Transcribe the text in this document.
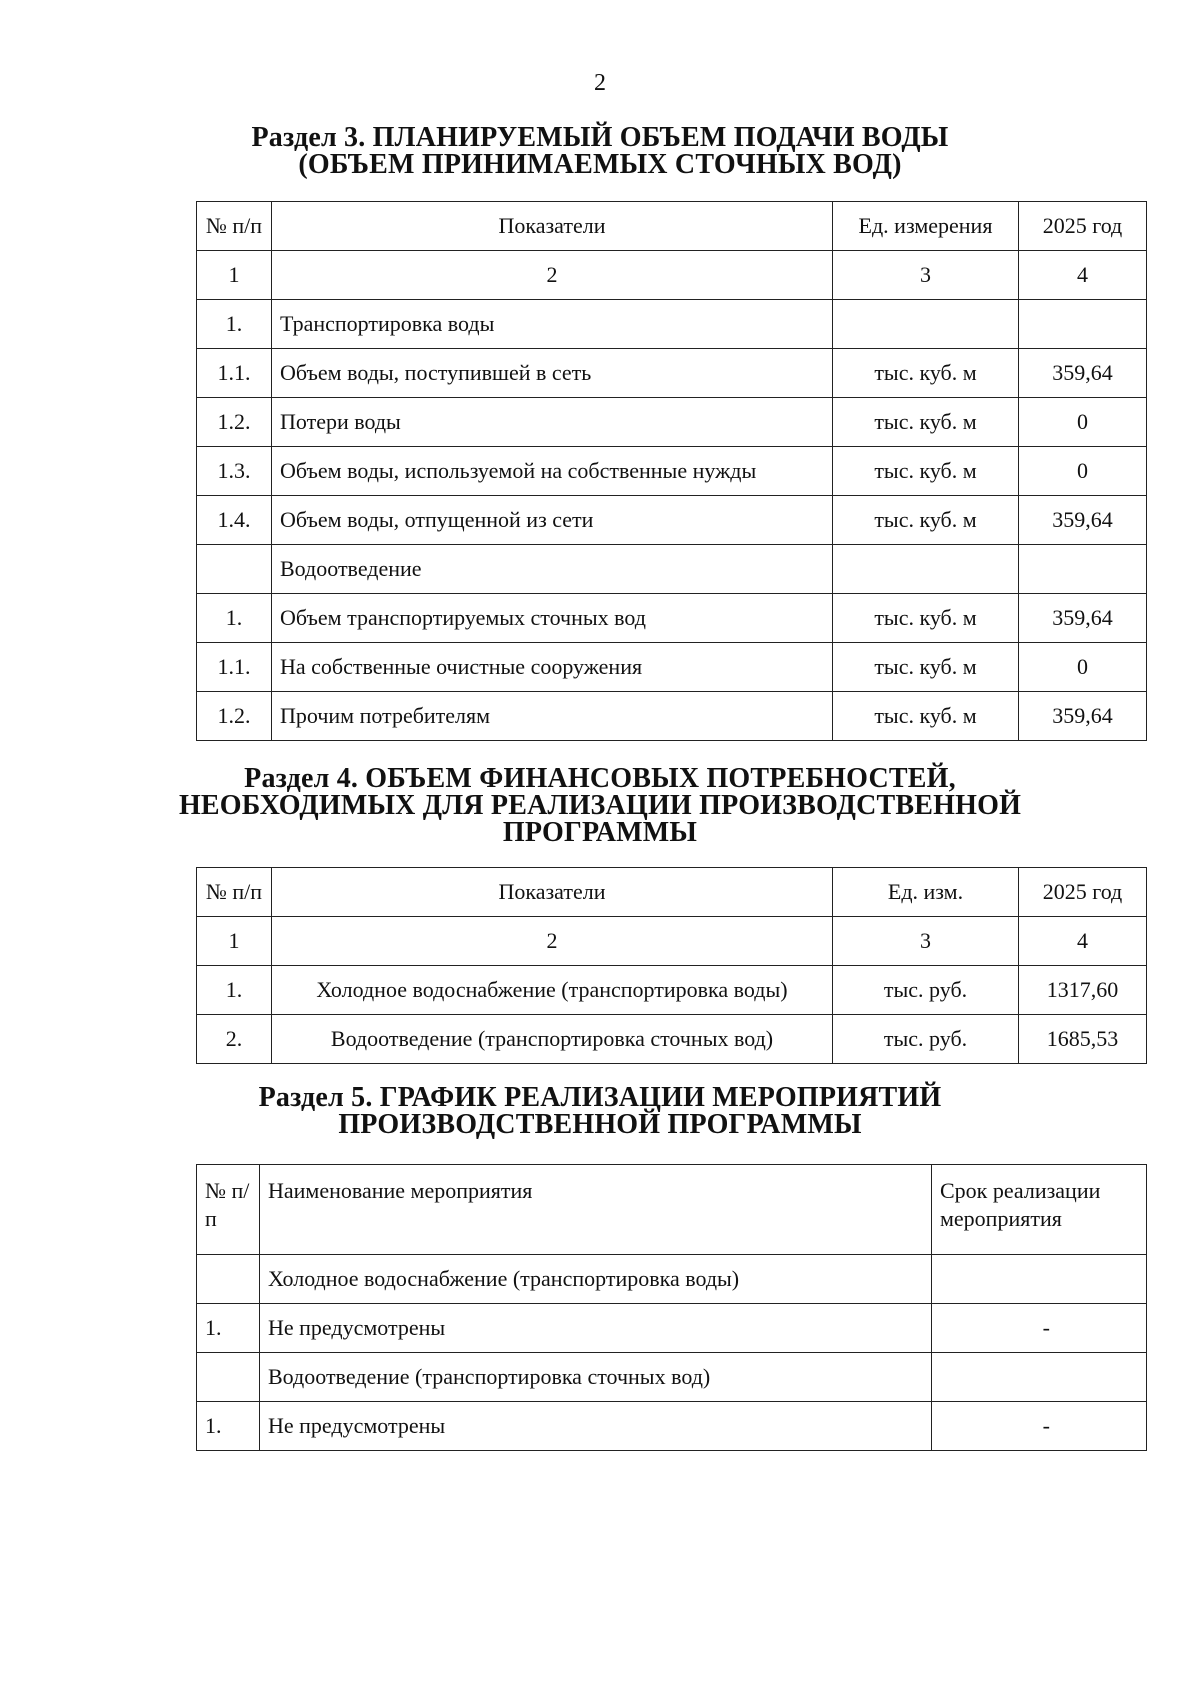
2
Раздел 3. ПЛАНИРУЕМЫЙ ОБЪЕМ ПОДАЧИ ВОДЫ
(ОБЪЕМ ПРИНИМАЕМЫХ СТОЧНЫХ ВОД)
№ п/п	Показатели	Ед. измерения	2025 год
1	2	3	4
1.	Транспортировка воды		
1.1.	Объем воды, поступившей в сеть	тыс. куб. м	359,64
1.2.	Потери воды	тыс. куб. м	0
1.3.	Объем воды, используемой на собственные нужды	тыс. куб. м	0
1.4.	Объем воды, отпущенной из сети	тыс. куб. м	359,64
	Водоотведение		
1.	Объем транспортируемых сточных вод	тыс. куб. м	359,64
1.1.	На собственные очистные сооружения	тыс. куб. м	0
1.2.	Прочим потребителям	тыс. куб. м	359,64
Раздел 4. ОБЪЕМ ФИНАНСОВЫХ ПОТРЕБНОСТЕЙ,
НЕОБХОДИМЫХ ДЛЯ РЕАЛИЗАЦИИ ПРОИЗВОДСТВЕННОЙ
ПРОГРАММЫ
№ п/п	Показатели	Ед. изм.	2025 год
1	2	3	4
1.	Холодное водоснабжение (транспортировка воды)	тыс. руб.	1317,60
2.	Водоотведение (транспортировка сточных вод)	тыс. руб.	1685,53
Раздел 5. ГРАФИК РЕАЛИЗАЦИИ МЕРОПРИЯТИЙ
ПРОИЗВОДСТВЕННОЙ ПРОГРАММЫ
№ п/п	Наименование мероприятия	Срок реализации мероприятия
	Холодное водоснабжение (транспортировка воды)	
1.	Не предусмотрены	-
	Водоотведение (транспортировка сточных вод)	
1.	Не предусмотрены	-
